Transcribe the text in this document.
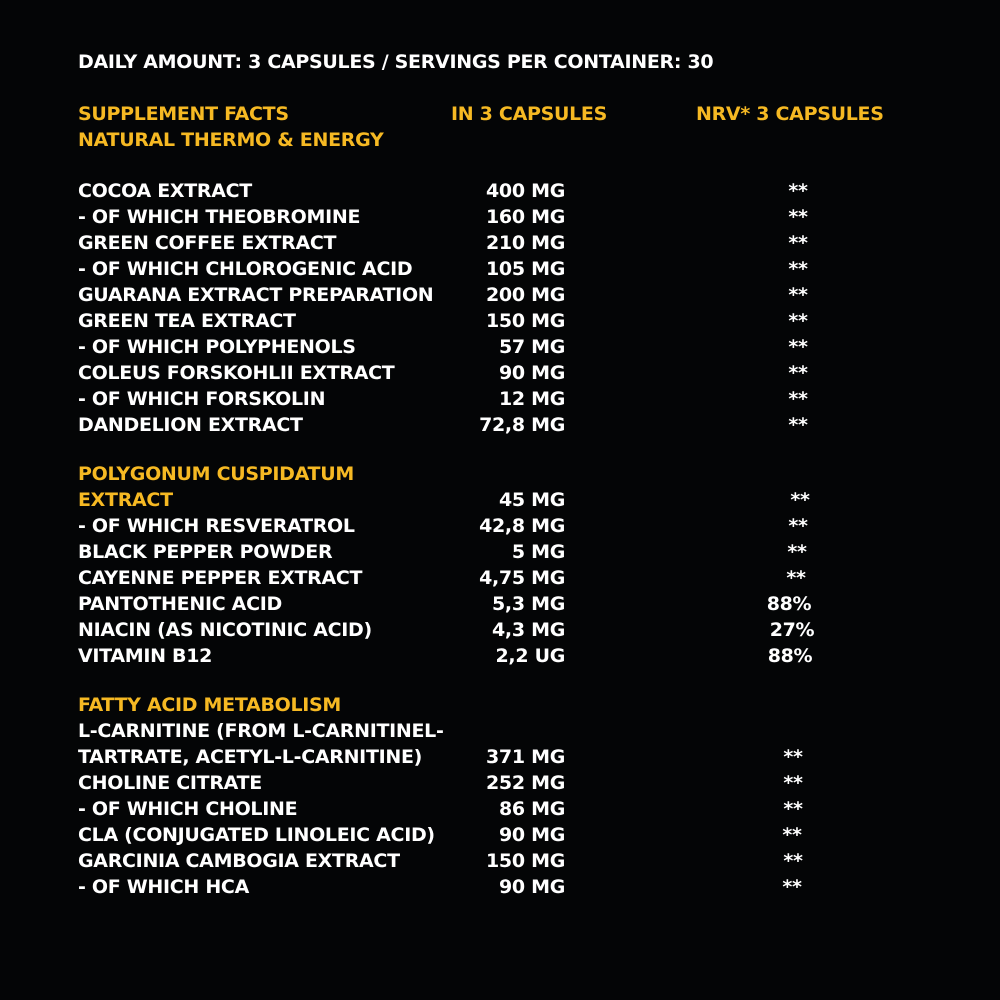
DAILY AMOUNT: 3 CAPSULES / SERVINGS PER CONTAINER: 30
SUPPLEMENT FACTS	IN 3 CAPSULES	NRV* 3 CAPSULES
NATURAL THERMO & ENERGY
COCOA EXTRACT	400 MG	**
- OF WHICH THEOBROMINE	160 MG	**
GREEN COFFEE EXTRACT	210 MG	**
- OF WHICH CHLOROGENIC ACID	105 MG	**
GUARANA EXTRACT PREPARATION	200 MG	**
GREEN TEA EXTRACT	150 MG	**
- OF WHICH POLYPHENOLS	57 MG	**
COLEUS FORSKOHLII EXTRACT	90 MG	**
- OF WHICH FORSKOLIN	12 MG	**
DANDELION EXTRACT	72,8 MG	**
POLYGONUM CUSPIDATUM
EXTRACT	45 MG	**
- OF WHICH RESVERATROL	42,8 MG	**
BLACK PEPPER POWDER	5 MG	**
CAYENNE PEPPER EXTRACT	4,75 MG	**
PANTOTHENIC ACID	5,3 MG	88%
NIACIN (AS NICOTINIC ACID)	4,3 MG	27%
VITAMIN B12	2,2 UG	88%
FATTY ACID METABOLISM
L-CARNITINE (FROM L-CARNITINEL-
TARTRATE, ACETYL-L-CARNITINE)	371 MG	**
CHOLINE CITRATE	252 MG	**
- OF WHICH CHOLINE	86 MG	**
CLA (CONJUGATED LINOLEIC ACID)	90 MG	**
GARCINIA CAMBOGIA EXTRACT	150 MG	**
- OF WHICH HCA	90 MG	**
